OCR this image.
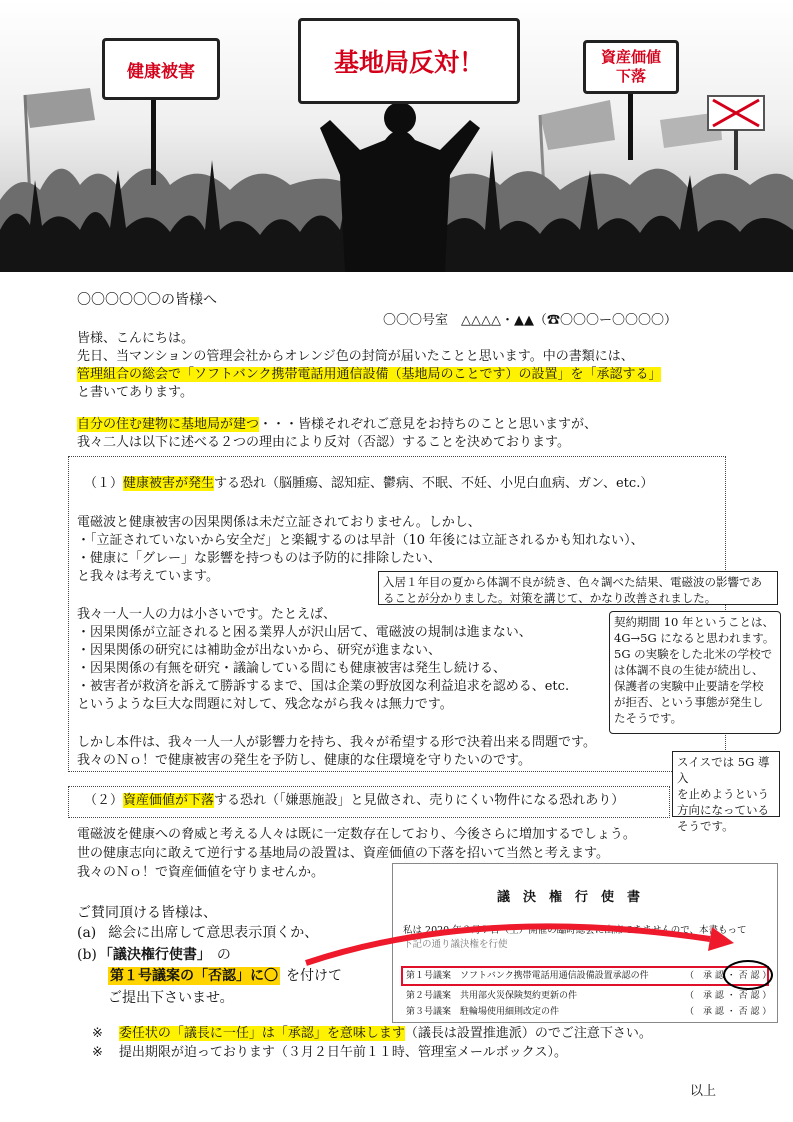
健康被害	基地局反対！	資産価値
下落
〇〇〇〇〇〇の皆様へ
〇〇〇号室　△△△△・▲▲（☎〇〇〇ー〇〇〇〇）
皆様、こんにちは。
先日、当マンションの管理会社からオレンジ色の封筒が届いたことと思います。中の書類には、
管理組合の総会で「ソフトバンク携帯電話用通信設備（基地局のことです）の設置」を「承認する」
と書いてあります。
自分の住む建物に基地局が建つ・・・皆様それぞれご意見をお持ちのことと思いますが、
我々二人は以下に述べる２つの理由により反対（否認）することを決めております。
（１）健康被害が発生する恐れ（脳腫瘍、認知症、鬱病、不眠、不妊、小児白血病、ガン、etc.）
電磁波と健康被害の因果関係は未だ立証されておりません。しかし、
・「立証されていないから安全だ」と楽観するのは早計（10 年後には立証されるかも知れない）、
・健康に「グレー」な影響を持つものは予防的に排除したい、
と我々は考えています。
我々一人一人の力は小さいです。たとえば、
・因果関係が立証されると困る業界人が沢山居て、電磁波の規制は進まない、
・因果関係の研究には補助金が出ないから、研究が進まない、
・因果関係の有無を研究・議論している間にも健康被害は発生し続ける、
・被害者が救済を訴えて勝訴するまで、国は企業の野放図な利益追求を認める、etc.
というような巨大な問題に対して、残念ながら我々は無力です。
しかし本件は、我々一人一人が影響力を持ち、我々が希望する形で決着出来る問題です。
我々のＮｏ！で健康被害の発生を予防し、健康的な住環境を守りたいのです。
入居１年目の夏から体調不良が続き、色々調べた結果、電磁波の影響であることが分かりました。対策を講じて、かなり改善されました。
契約期間 10 年ということは、
4G→5G になると思われます。
5G の実験をした北米の学校で
は体調不良の生徒が続出し、
保護者の実験中止要請を学校
が拒否、という事態が発生し
たそうです。
スイスでは 5G 導入
を止めようという
方向になっている
そうです。
（２）資産価値が下落する恐れ（「嫌悪施設」と見做され、売りにくい物件になる恐れあり）
電磁波を健康への脅威と考える人々は既に一定数存在しており、今後さらに増加するでしょう。
世の健康志向に敢えて逆行する基地局の設置は、資産価値の下落を招いて当然と考えます。
我々のＮｏ！で資産価値を守りませんか。
議　決　権　行　使　書
私は 2020 年３月７日（土）開催の臨時総会に出席できませんので、本書もって
下記の通り議決権を行使
第１号議案　ソフトバンク携帯電話用通信設備設置承認の件	（　承 認 ・ 否 認 ）
第２号議案　共用部火災保険契約更新の件	（　承 認 ・ 否 認 ）
第３号議案　駐輪場使用細則改定の件	（　承 認 ・ 否 認 ）
ご賛同頂ける皆様は、
(a) 総会に出席して意思表示頂くか、
(b) 「議決権行使書」 の
第１号議案の「否認」に〇 を付けて
ご提出下さいませ。
※ 委任状の「議長に一任」は「承認」を意味します（議長は設置推進派）のでご注意下さい。
※ 提出期限が迫っております（３月２日午前１１時、管理室メールボックス）。
以上
